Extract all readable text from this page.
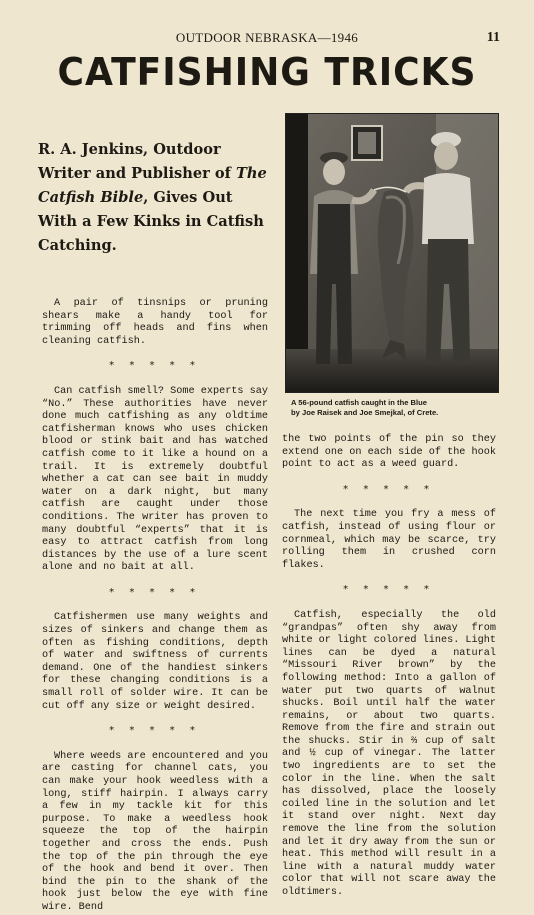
OUTDOOR NEBRASKA—1946	11
CATFISHING TRICKS
R. A. Jenkins, Outdoor Writer and Publisher of The Catfish Bible, Gives Out With a Few Kinks in Catfish Catching.

A 56-pound catfish caught in the Blue

by Joe Raisek and Joe Smejkal, of Crete.

A pair of tinsnips or pruning shears make a handy tool for trimming off heads and fins when cleaning catfish.

* * * * *

Can catfish smell? Some experts say “No.” These authorities have never done much catfishing as any oldtime catfisherman knows who uses chicken blood or stink bait and has watched catfish come to it like a hound on a trail. It is extremely doubtful whether a cat can see bait in muddy water on a dark night, but many catfish are caught under those conditions. The writer has proven to many doubtful “experts” that it is easy to attract catfish from long distances by the use of a lure scent alone and no bait at all.

* * * * *

Catfishermen use many weights and sizes of sinkers and change them as often as fishing conditions, depth of water and swiftness of currents demand. One of the handiest sinkers for these changing conditions is a small roll of solder wire. It can be cut off any size or weight desired.

* * * * *

Where weeds are encountered and you are casting for channel cats, you can make your hook weedless with a long, stiff hairpin. I always carry a few in my tackle kit for this purpose. To make a weedless hook squeeze the top of the hairpin together and cross the ends. Push the top of the pin through the eye of the hook and bend it over. Then bind the pin to the shank of the hook just below the eye with fine wire. Bend

the two points of the pin so they extend one on each side of the hook point to act as a weed guard.

* * * * *

The next time you fry a mess of catfish, instead of using flour or cornmeal, which may be scarce, try rolling them in crushed corn flakes.

* * * * *

Catfish, especially the old “grandpas” often shy away from white or light colored lines. Light lines can be dyed a natural “Missouri River brown” by the following method: Into a gallon of water put two quarts of walnut shucks. Boil until half the water remains, or about two quarts. Remove from the fire and strain out the shucks. Stir in ⅔ cup of salt and ½ cup of vinegar. The latter two ingredients are to set the color in the line. When the salt has dissolved, place the loosely coiled line in the solution and let it stand over night. Next day remove the line from the solution and let it dry away from the sun or heat. This method will result in a line with a natural muddy water color that will not scare away the oldtimers.
